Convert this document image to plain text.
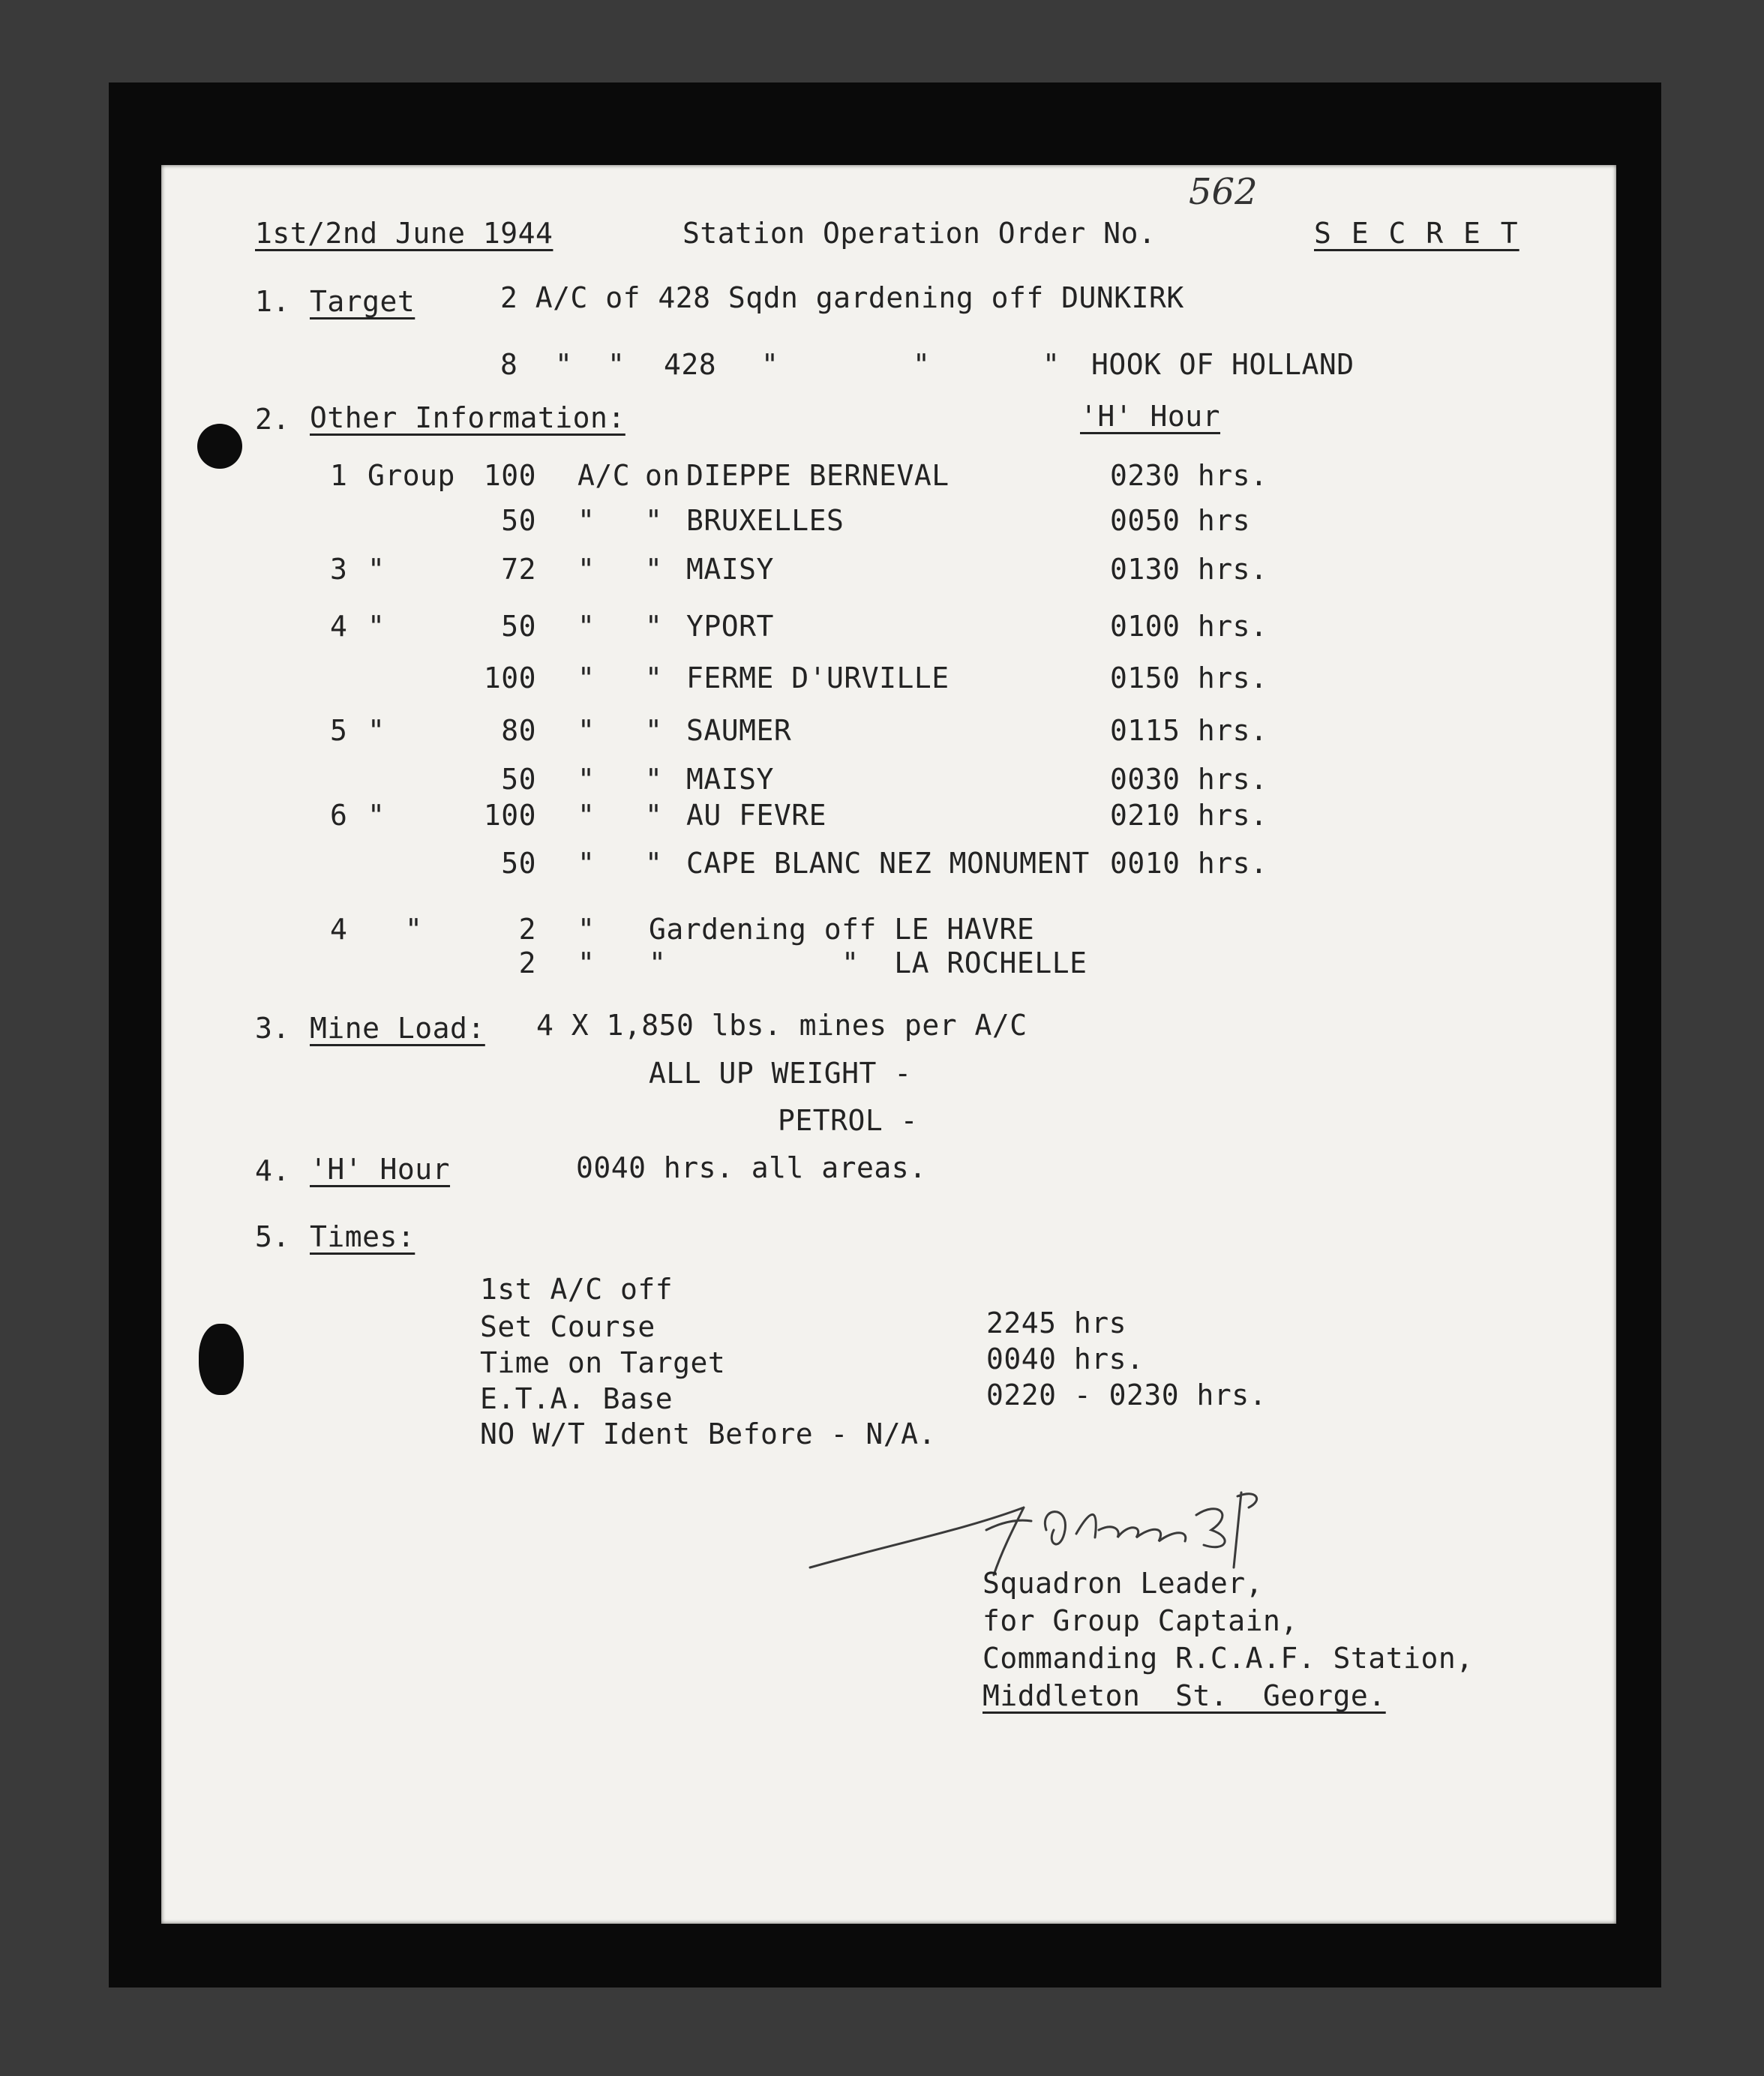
1st/2nd June 1944	Station Operation Order No.
562
S E C R E T
1. Target	2 A/C of 428 Sqdn gardening off DUNKIRK
8 " " 428 "	"	" HOOK OF HOLLAND
2. Other Information:	'H' Hour
1 Group 100 A/C on DIEPPE BERNEVAL	0230 hrs.
50 " " BRUXELLES	0050 hrs
3 "	72 " " MAISY	0130 hrs.
4 "	50 " " YPORT	0100 hrs.
100 " " FERME D'URVILLE	0150 hrs.
5 "	80 " " SAUMER	0115 hrs.
50 " " MAISY	0030 hrs.
6 "	100 " " AU FEVRE	0210 hrs.
50 " " CAPE BLANC NEZ MONUMENT 0010 hrs.
4 "	2 " Gardening off LE HAVRE
2 " "          "  LA ROCHELLE
3. Mine Load: 4 X 1,850 lbs. mines per A/C
ALL UP WEIGHT -
PETROL -
4. 'H' Hour	0040 hrs. all areas.
5. Times:
1st A/C off
Set Course	2245 hrs
Time on Target	0040 hrs.
E.T.A. Base	0220 - 0230 hrs.
NO W/T Ident Before - N/A.
Squadron Leader,
for Group Captain,
Commanding R.C.A.F. Station,
Middleton  St.  George.
